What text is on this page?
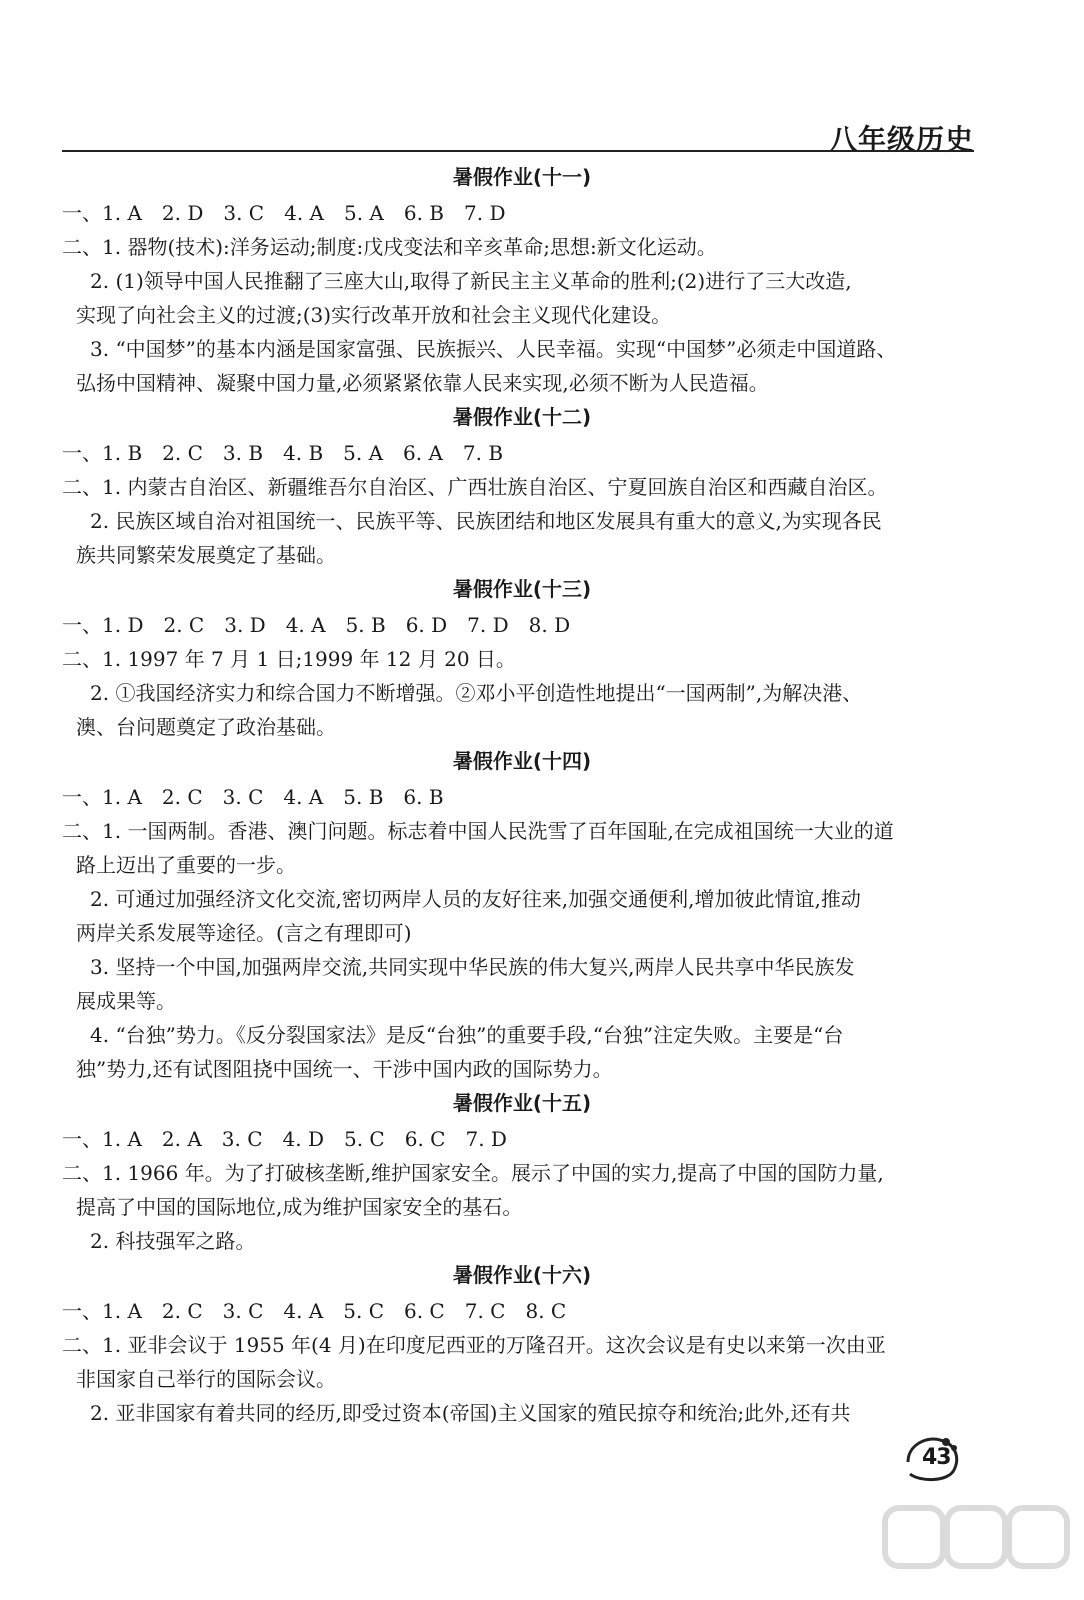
八年级历史
暑假作业(十一)
一、1. A　2. D　3. C　4. A　5. A　6. B　7. D
二、1. 器物(技术):洋务运动;制度:戊戌变法和辛亥革命;思想:新文化运动。
2. (1)领导中国人民推翻了三座大山,取得了新民主主义革命的胜利;(2)进行了三大改造,
实现了向社会主义的过渡;(3)实行改革开放和社会主义现代化建设。
3. “中国梦”的基本内涵是国家富强、民族振兴、人民幸福。实现“中国梦”必须走中国道路、
弘扬中国精神、凝聚中国力量,必须紧紧依靠人民来实现,必须不断为人民造福。
暑假作业(十二)
一、1. B　2. C　3. B　4. B　5. A　6. A　7. B
二、1. 内蒙古自治区、新疆维吾尔自治区、广西壮族自治区、宁夏回族自治区和西藏自治区。
2. 民族区域自治对祖国统一、民族平等、民族团结和地区发展具有重大的意义,为实现各民
族共同繁荣发展奠定了基础。
暑假作业(十三)
一、1. D　2. C　3. D　4. A　5. B　6. D　7. D　8. D
二、1. 1997 年 7 月 1 日;1999 年 12 月 20 日。
2. ①我国经济实力和综合国力不断增强。②邓小平创造性地提出“一国两制”,为解决港、
澳、台问题奠定了政治基础。
暑假作业(十四)
一、1. A　2. C　3. C　4. A　5. B　6. B
二、1. 一国两制。香港、澳门问题。标志着中国人民洗雪了百年国耻,在完成祖国统一大业的道
路上迈出了重要的一步。
2. 可通过加强经济文化交流,密切两岸人员的友好往来,加强交通便利,增加彼此情谊,推动
两岸关系发展等途径。(言之有理即可)
3. 坚持一个中国,加强两岸交流,共同实现中华民族的伟大复兴,两岸人民共享中华民族发
展成果等。
4. “台独”势力。《反分裂国家法》是反“台独”的重要手段,“台独”注定失败。主要是“台
独”势力,还有试图阻挠中国统一、干涉中国内政的国际势力。
暑假作业(十五)
一、1. A　2. A　3. C　4. D　5. C　6. C　7. D
二、1. 1966 年。为了打破核垄断,维护国家安全。展示了中国的实力,提高了中国的国防力量,
提高了中国的国际地位,成为维护国家安全的基石。
2. 科技强军之路。
暑假作业(十六)
一、1. A　2. C　3. C　4. A　5. C　6. C　7. C　8. C
二、1. 亚非会议于 1955 年(4 月)在印度尼西亚的万隆召开。这次会议是有史以来第一次由亚
非国家自己举行的国际会议。
2. 亚非国家有着共同的经历,即受过资本(帝国)主义国家的殖民掠夺和统治;此外,还有共
43
